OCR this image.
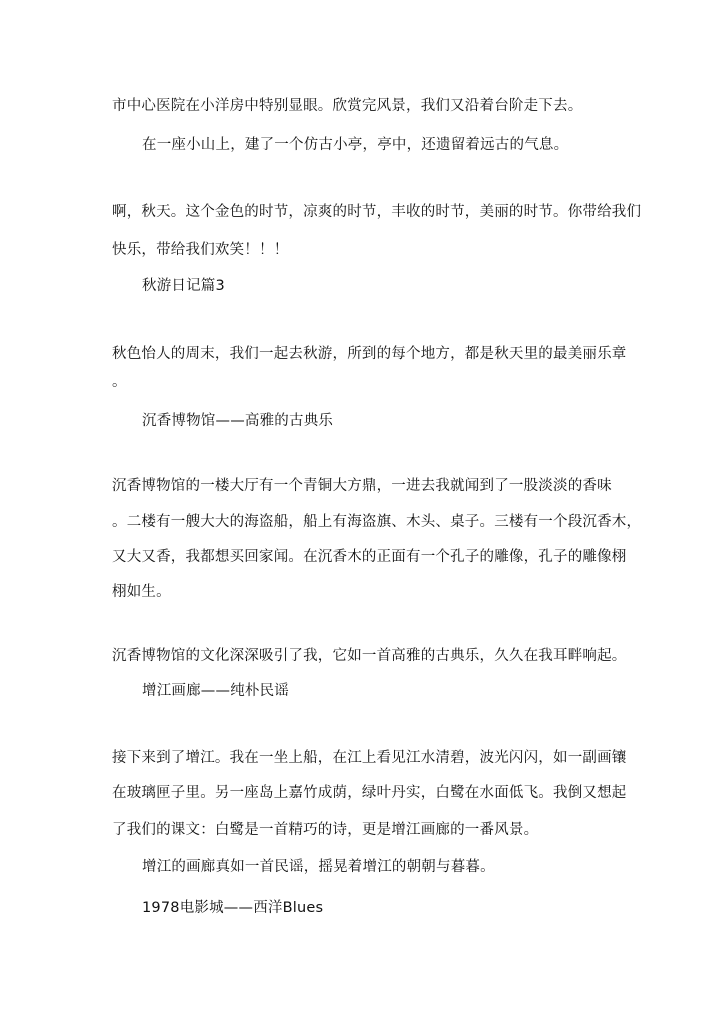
市中心医院在小洋房中特别显眼。欣赏完风景，我们又沿着台阶走下去。
在一座小山上，建了一个仿古小亭，亭中，还遗留着远古的气息。
啊，秋天。这个金色的时节，凉爽的时节，丰收的时节，美丽的时节。你带给我们
快乐，带给我们欢笑！！！
秋游日记篇3
秋色怡人的周末，我们一起去秋游，所到的每个地方，都是秋天里的最美丽乐章
。
沉香博物馆——高雅的古典乐
沉香博物馆的一楼大厅有一个青铜大方鼎，一进去我就闻到了一股淡淡的香味
。二楼有一艘大大的海盗船，船上有海盗旗、木头、桌子。三楼有一个段沉香木，
又大又香，我都想买回家闻。在沉香木的正面有一个孔子的雕像，孔子的雕像栩
栩如生。
沉香博物馆的文化深深吸引了我，它如一首高雅的古典乐，久久在我耳畔响起。
增江画廊——纯朴民谣
接下来到了增江。我在一坐上船，在江上看见江水清碧，波光闪闪，如一副画镶
在玻璃匣子里。另一座岛上嘉竹成荫，绿叶丹实，白鹭在水面低飞。我倒又想起
了我们的课文：白鹭是一首精巧的诗，更是增江画廊的一番风景。
增江的画廊真如一首民谣，摇晃着增江的朝朝与暮暮。
1978电影城——西洋Blues
